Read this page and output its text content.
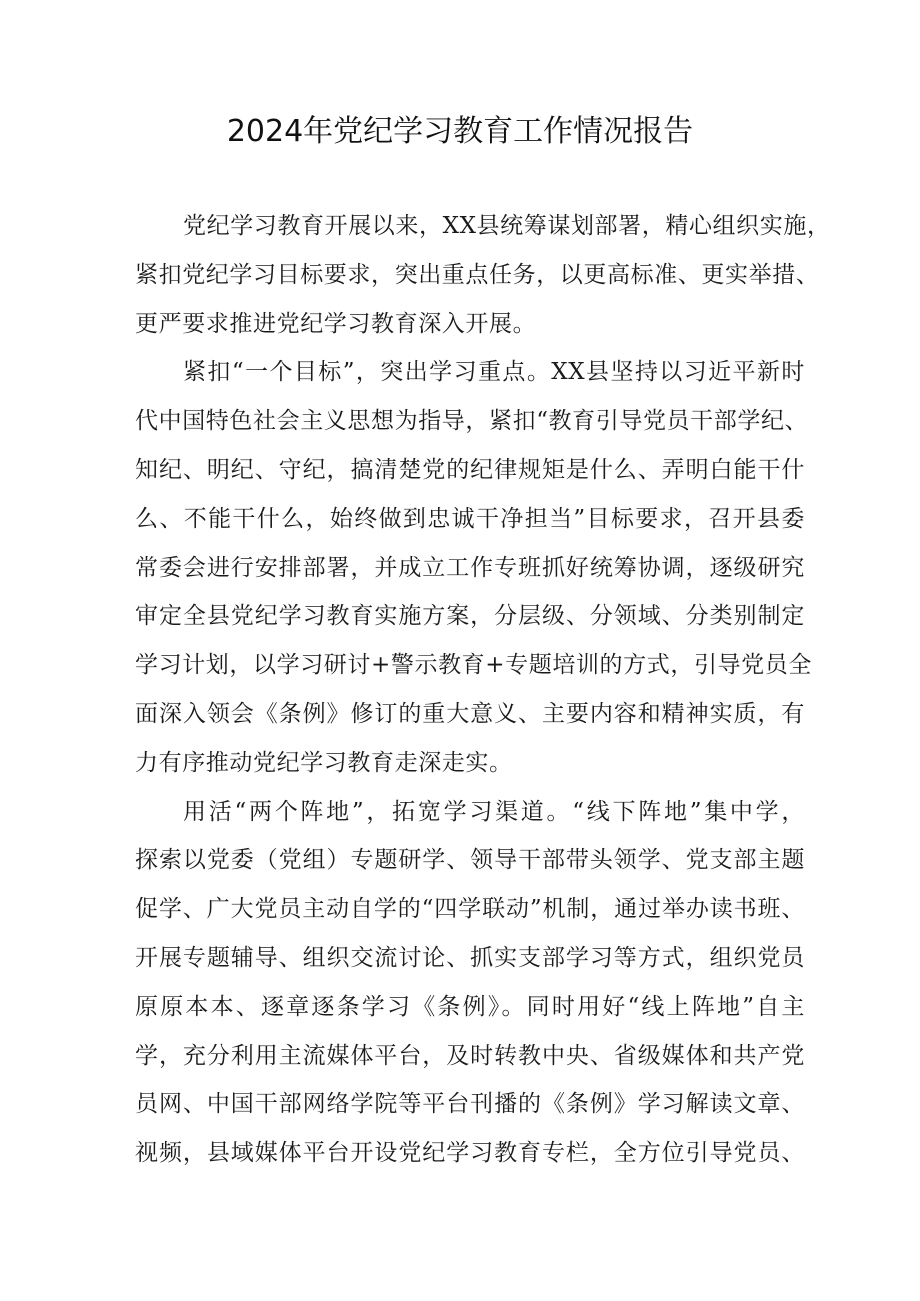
2024年党纪学习教育工作情况报告
党纪学习教育开展以来，XX县统筹谋划部署，精心组织实施，
紧扣党纪学习目标要求，突出重点任务，以更高标准、更实举措、
更严要求推进党纪学习教育深入开展。
紧扣“一个目标”，突出学习重点。XX县坚持以习近平新时
代中国特色社会主义思想为指导，紧扣“教育引导党员干部学纪、
知纪、明纪、守纪，搞清楚党的纪律规矩是什么、弄明白能干什
么、不能干什么，始终做到忠诚干净担当”目标要求，召开县委
常委会进行安排部署，并成立工作专班抓好统筹协调，逐级研究
审定全县党纪学习教育实施方案，分层级、分领域、分类别制定
学习计划，以学习研讨+警示教育+专题培训的方式，引导党员全
面深入领会《条例》修订的重大意义、主要内容和精神实质，有
力有序推动党纪学习教育走深走实。
用活“两个阵地”，拓宽学习渠道。“线下阵地”集中学，
探索以党委（党组）专题研学、领导干部带头领学、党支部主题
促学、广大党员主动自学的“四学联动”机制，通过举办读书班、
开展专题辅导、组织交流讨论、抓实支部学习等方式，组织党员
原原本本、逐章逐条学习《条例》。同时用好“线上阵地”自主
学，充分利用主流媒体平台，及时转教中央、省级媒体和共产党
员网、中国干部网络学院等平台刊播的《条例》学习解读文章、
视频，县域媒体平台开设党纪学习教育专栏，全方位引导党员、
